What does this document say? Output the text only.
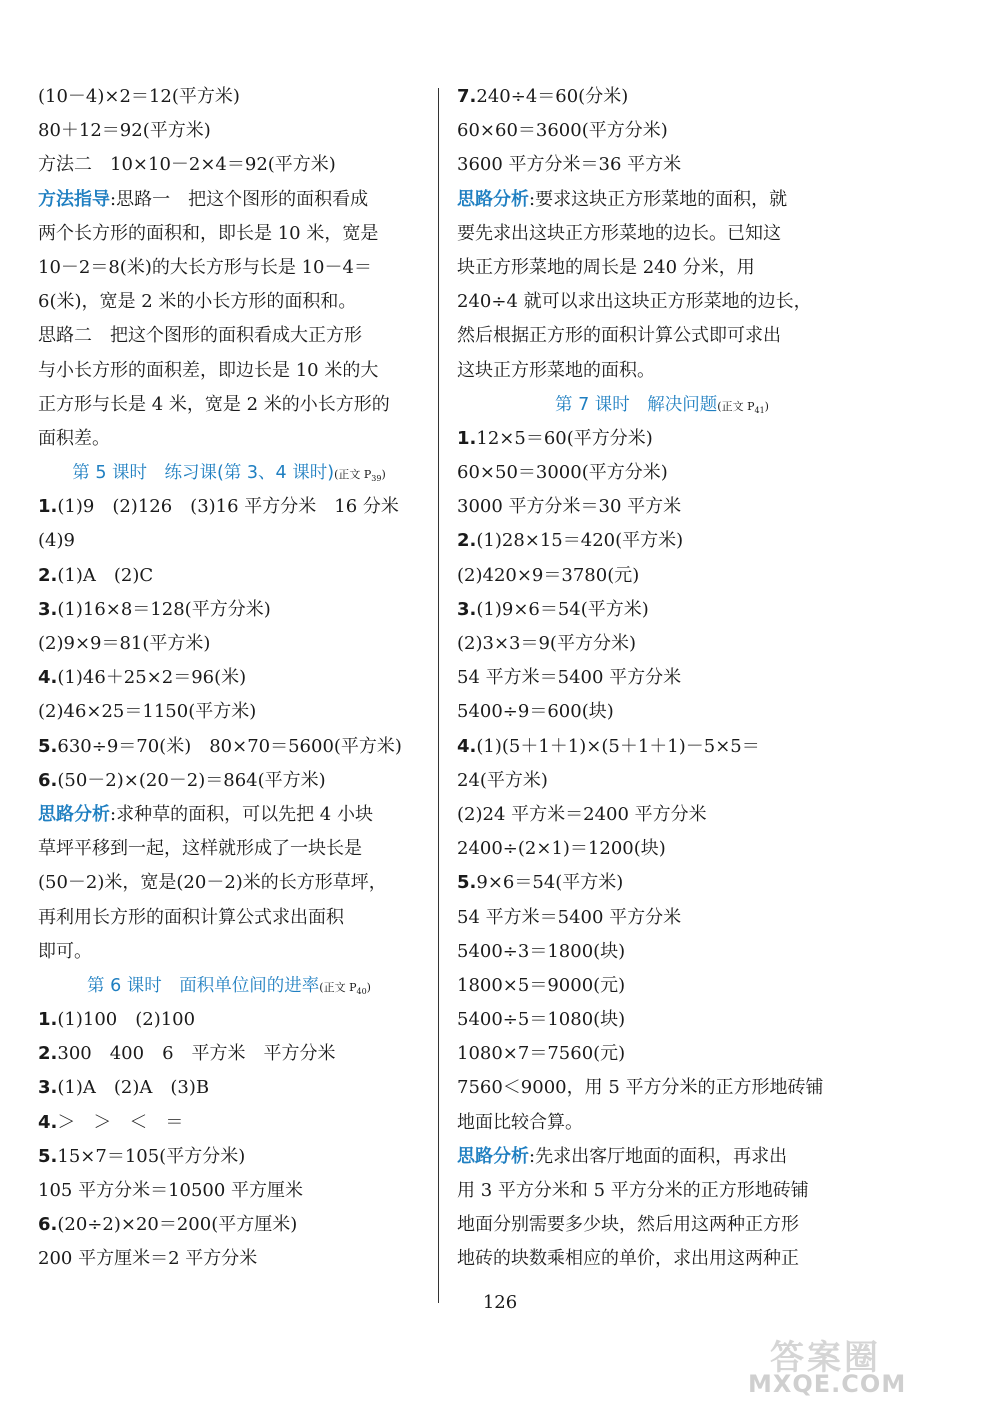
(10－4)×2＝12(平方米)
80＋12＝92(平方米)
方法二　10×10－2×4＝92(平方米)
方法指导:思路一　把这个图形的面积看成
两个长方形的面积和，即长是 10 米，宽是
10－2＝8(米)的大长方形与长是 10－4＝
6(米)，宽是 2 米的小长方形的面积和。
思路二　把这个图形的面积看成大正方形
与小长方形的面积差，即边长是 10 米的大
正方形与长是 4 米，宽是 2 米的小长方形的
面积差。
第 5 课时　练习课(第 3、4 课时)(正文 $P_{39}$)
1.(1)9　(2)126　(3)16 平方分米　16 分米
(4)9
2.(1)A　(2)C
3.(1)16×8＝128(平方分米)
(2)9×9＝81(平方米)
4.(1)46＋25×2＝96(米)
(2)46×25＝1150(平方米)
5.630÷9＝70(米)　80×70＝5600(平方米)
6.(50－2)×(20－2)＝864(平方米)
思路分析:求种草的面积，可以先把 4 小块
草坪平移到一起，这样就形成了一块长是
(50－2)米，宽是(20－2)米的长方形草坪，
再利用长方形的面积计算公式求出面积
即可。
第 6 课时　面积单位间的进率(正文 $P_{40}$)
1.(1)100　(2)100
2.300　400　6　平方米　平方分米
3.(1)A　(2)A　(3)B
4.＞　＞　＜　＝
5.15×7＝105(平方分米)
105 平方分米＝10500 平方厘米
6.(20÷2)×20＝200(平方厘米)
200 平方厘米＝2 平方分米
7.240÷4＝60(分米)
60×60＝3600(平方分米)
3600 平方分米＝36 平方米
思路分析:要求这块正方形菜地的面积，就
要先求出这块正方形菜地的边长。已知这
块正方形菜地的周长是 240 分米，用
240÷4 就可以求出这块正方形菜地的边长，
然后根据正方形的面积计算公式即可求出
这块正方形菜地的面积。
第 7 课时　解决问题(正文 $P_{41}$)
1.12×5＝60(平方分米)
60×50＝3000(平方分米)
3000 平方分米＝30 平方米
2.(1)28×15＝420(平方米)
(2)420×9＝3780(元)
3.(1)9×6＝54(平方米)
(2)3×3＝9(平方分米)
54 平方米＝5400 平方分米
5400÷9＝600(块)
4.(1)(5＋1＋1)×(5＋1＋1)－5×5＝
24(平方米)
(2)24 平方米＝2400 平方分米
2400÷(2×1)＝1200(块)
5.9×6＝54(平方米)
54 平方米＝5400 平方分米
5400÷3＝1800(块)
1800×5＝9000(元)
5400÷5＝1080(块)
1080×7＝7560(元)
7560＜9000，用 5 平方分米的正方形地砖铺
地面比较合算。
思路分析:先求出客厅地面的面积，再求出
用 3 平方分米和 5 平方分米的正方形地砖铺
地面分别需要多少块，然后用这两种正方形
地砖的块数乘相应的单价，求出用这两种正
126
答案圈
MXQE.COM
